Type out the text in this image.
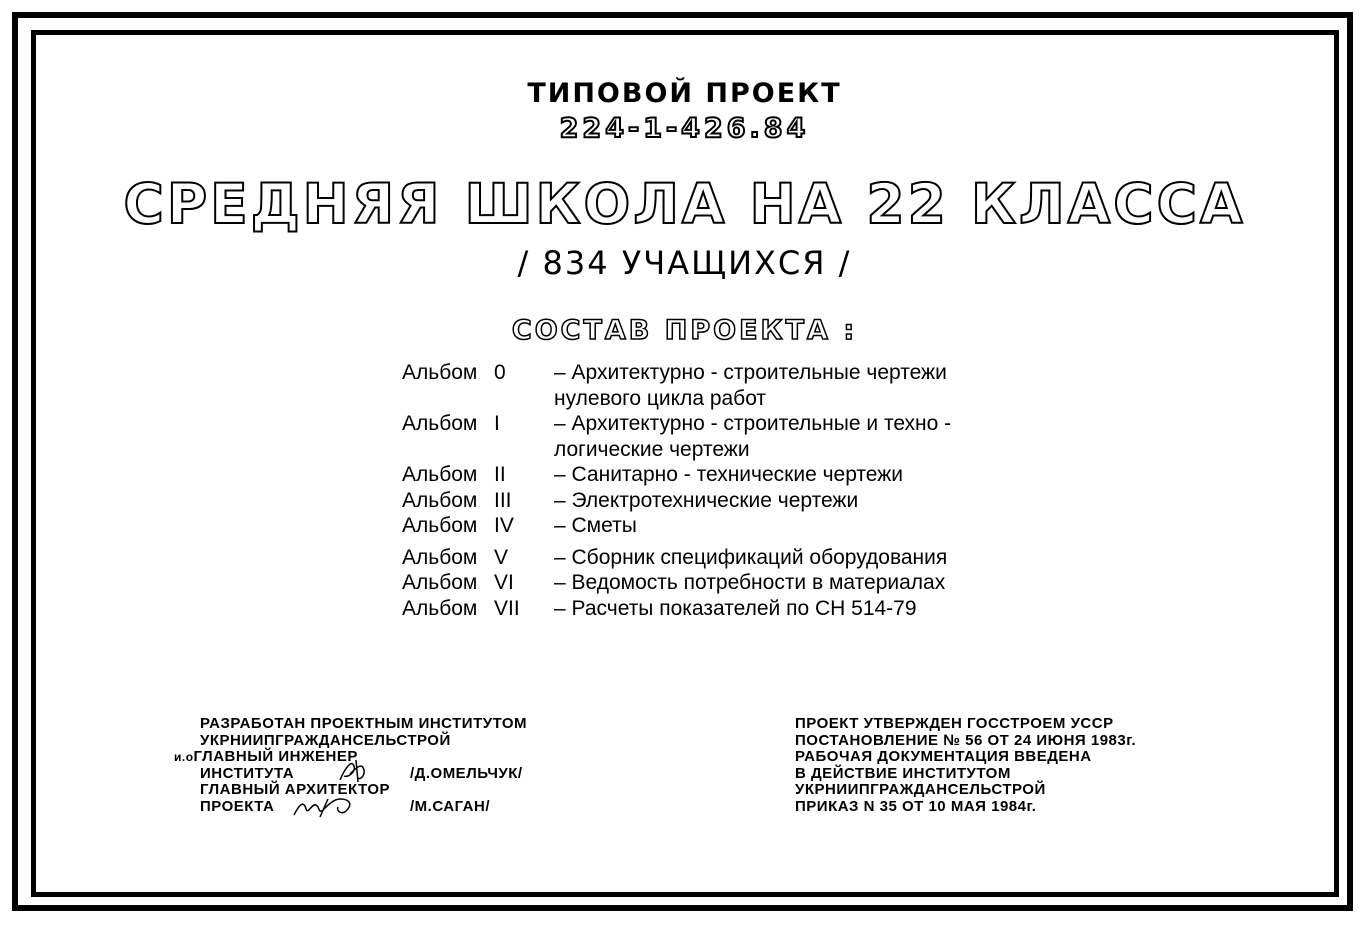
ТИПОВОЙ ПРОЕКТ
224-1-426.84
СРЕДНЯЯ ШКОЛА НА 22 КЛАССА
/ 834 УЧАЩИХСЯ /
СОСТАВ ПРОЕКТА :
Альбом 0	– Архитектурно - строительные чертежи
нулевого цикла работ
Альбом I	– Архитектурно - строительные и техно -
логические чертежи
Альбом II	– Санитарно - технические чертежи
Альбом III	– Электротехнические чертежи
Альбом IV	– Сметы
Альбом V	– Сборник спецификаций оборудования
Альбом VI	– Ведомость потребности в материалах
Альбом VII	– Расчеты показателей по СН 514-79
РАЗРАБОТАН ПРОЕКТНЫМ ИНСТИТУТОМ
УКРНИИПГРАЖДАНСЕЛЬСТРОЙ
и.оГЛАВНЫЙ ИНЖЕНЕР
ИНСТИТУТА	/Д.ОМЕЛЬЧУК/
ГЛАВНЫЙ АРХИТЕКТОР
ПРОЕКТА	/М.САГАН/
ПРОЕКТ УТВЕРЖДЕН ГОССТРОЕМ УССР
ПОСТАНОВЛЕНИЕ № 56 ОТ 24 ИЮНЯ 1983г.
РАБОЧАЯ ДОКУМЕНТАЦИЯ ВВЕДЕНА
В ДЕЙСТВИЕ ИНСТИТУТОМ
УКРНИИПГРАЖДАНСЕЛЬСТРОЙ
ПРИКАЗ N 35 ОТ 10 МАЯ 1984г.
